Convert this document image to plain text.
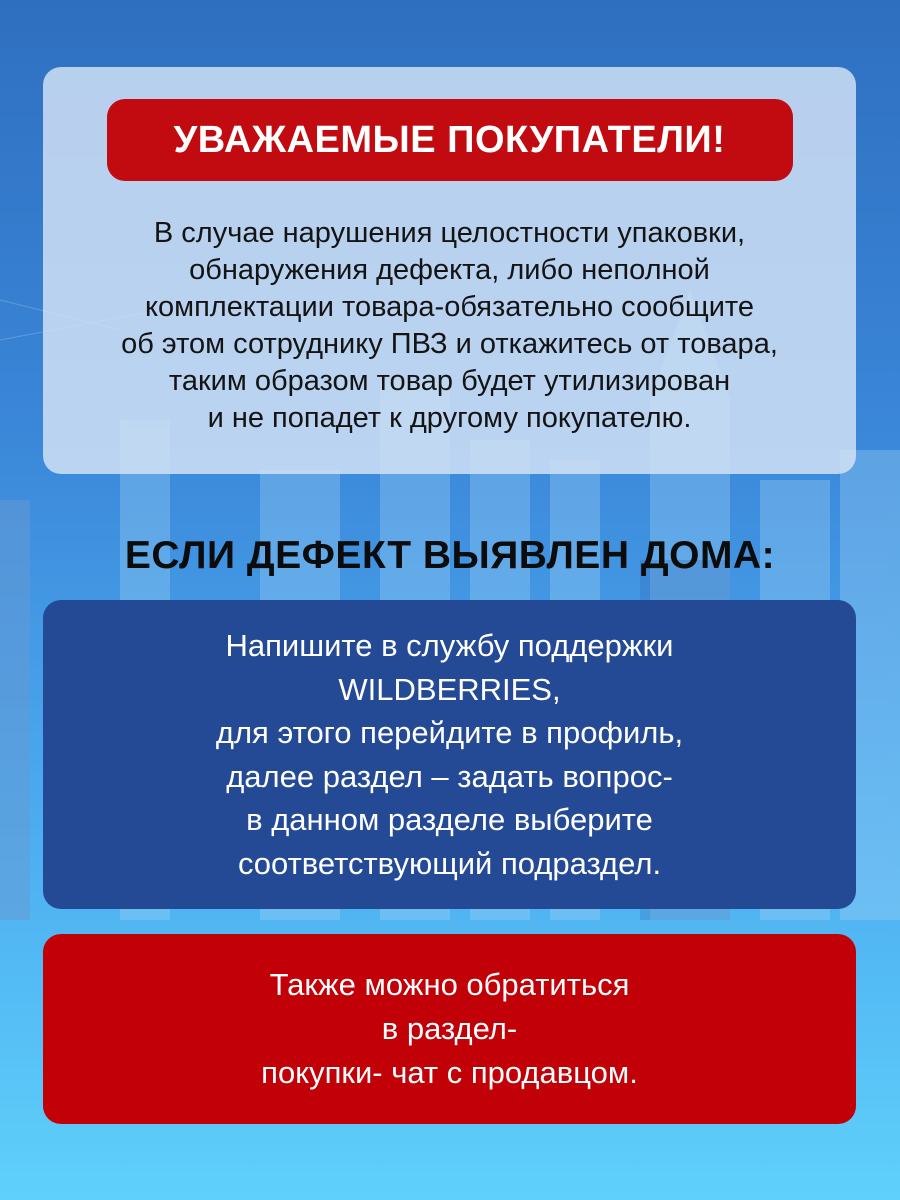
УВАЖАЕМЫЕ ПОКУПАТЕЛИ!
В случае нарушения целостности упаковки,
обнаружения дефекта, либо неполной
комплектации товара-обязательно сообщите
об этом сотруднику ПВЗ и откажитесь от товара,
таким образом товар будет утилизирован
и не попадет к другому покупателю.
ЕСЛИ ДЕФЕКТ ВЫЯВЛЕН ДОМА:
Напишите в службу поддержки
WILDBERRIES,
для этого перейдите в профиль,
далее раздел – задать вопрос-
в данном разделе выберите
соответствующий подраздел.
Также можно обратиться
в раздел-
покупки- чат с продавцом.
